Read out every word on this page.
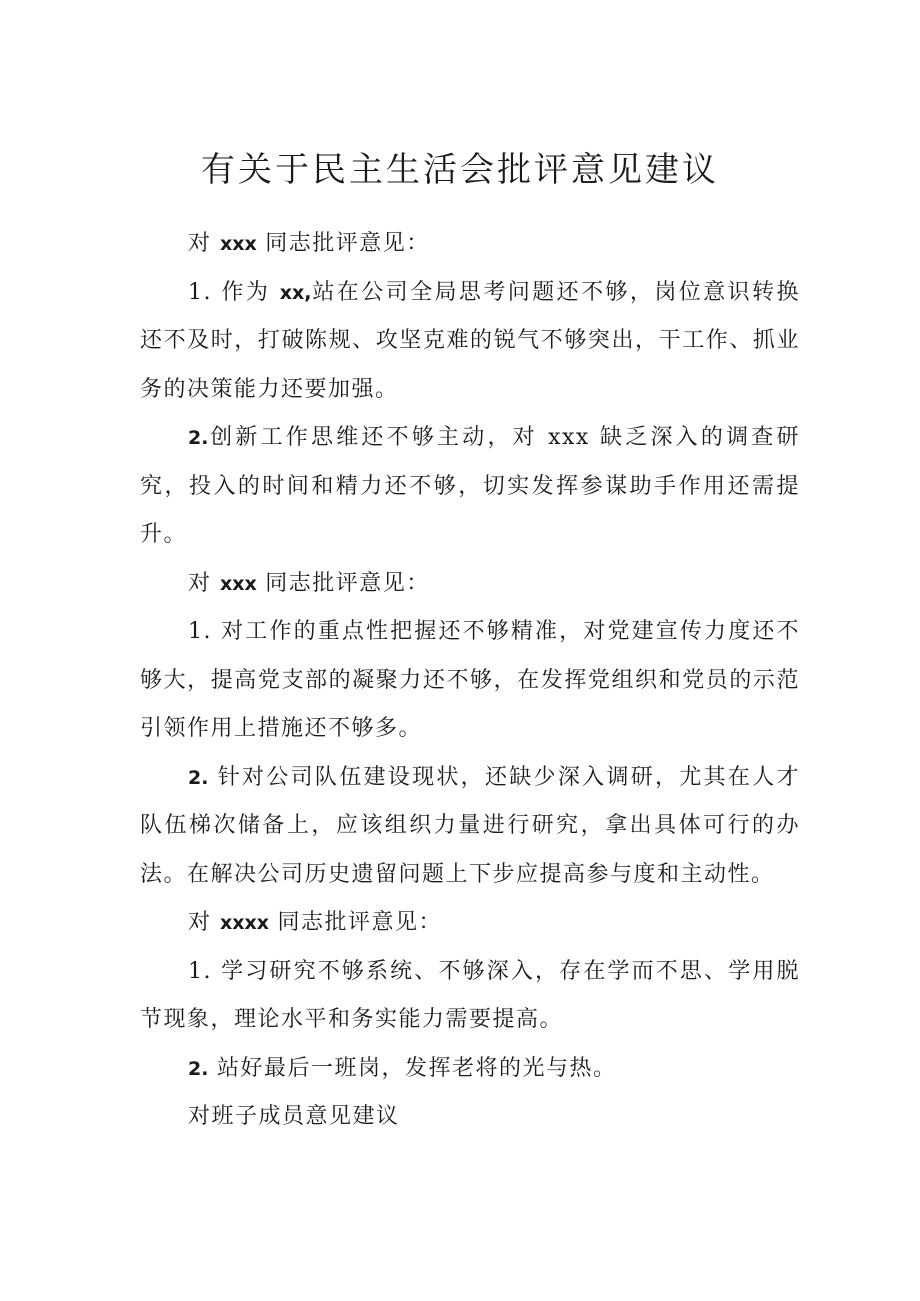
有关于民主生活会批评意见建议

对 xxx 同志批评意见：

1. 作为 xx,站在公司全局思考问题还不够，岗位意识转换还不及时，打破陈规、攻坚克难的锐气不够突出，干工作、抓业务的决策能力还要加强。

2.创新工作思维还不够主动，对 xxx 缺乏深入的调查研究，投入的时间和精力还不够，切实发挥参谋助手作用还需提升。

对 xxx 同志批评意见：

1. 对工作的重点性把握还不够精准，对党建宣传力度还不够大，提高党支部的凝聚力还不够，在发挥党组织和党员的示范引领作用上措施还不够多。

2. 针对公司队伍建设现状，还缺少深入调研，尤其在人才队伍梯次储备上，应该组织力量进行研究，拿出具体可行的办法。在解决公司历史遗留问题上下步应提高参与度和主动性。

对 xxxx 同志批评意见：

1. 学习研究不够系统、不够深入，存在学而不思、学用脱节现象，理论水平和务实能力需要提高。

2. 站好最后一班岗，发挥老将的光与热。

对班子成员意见建议
